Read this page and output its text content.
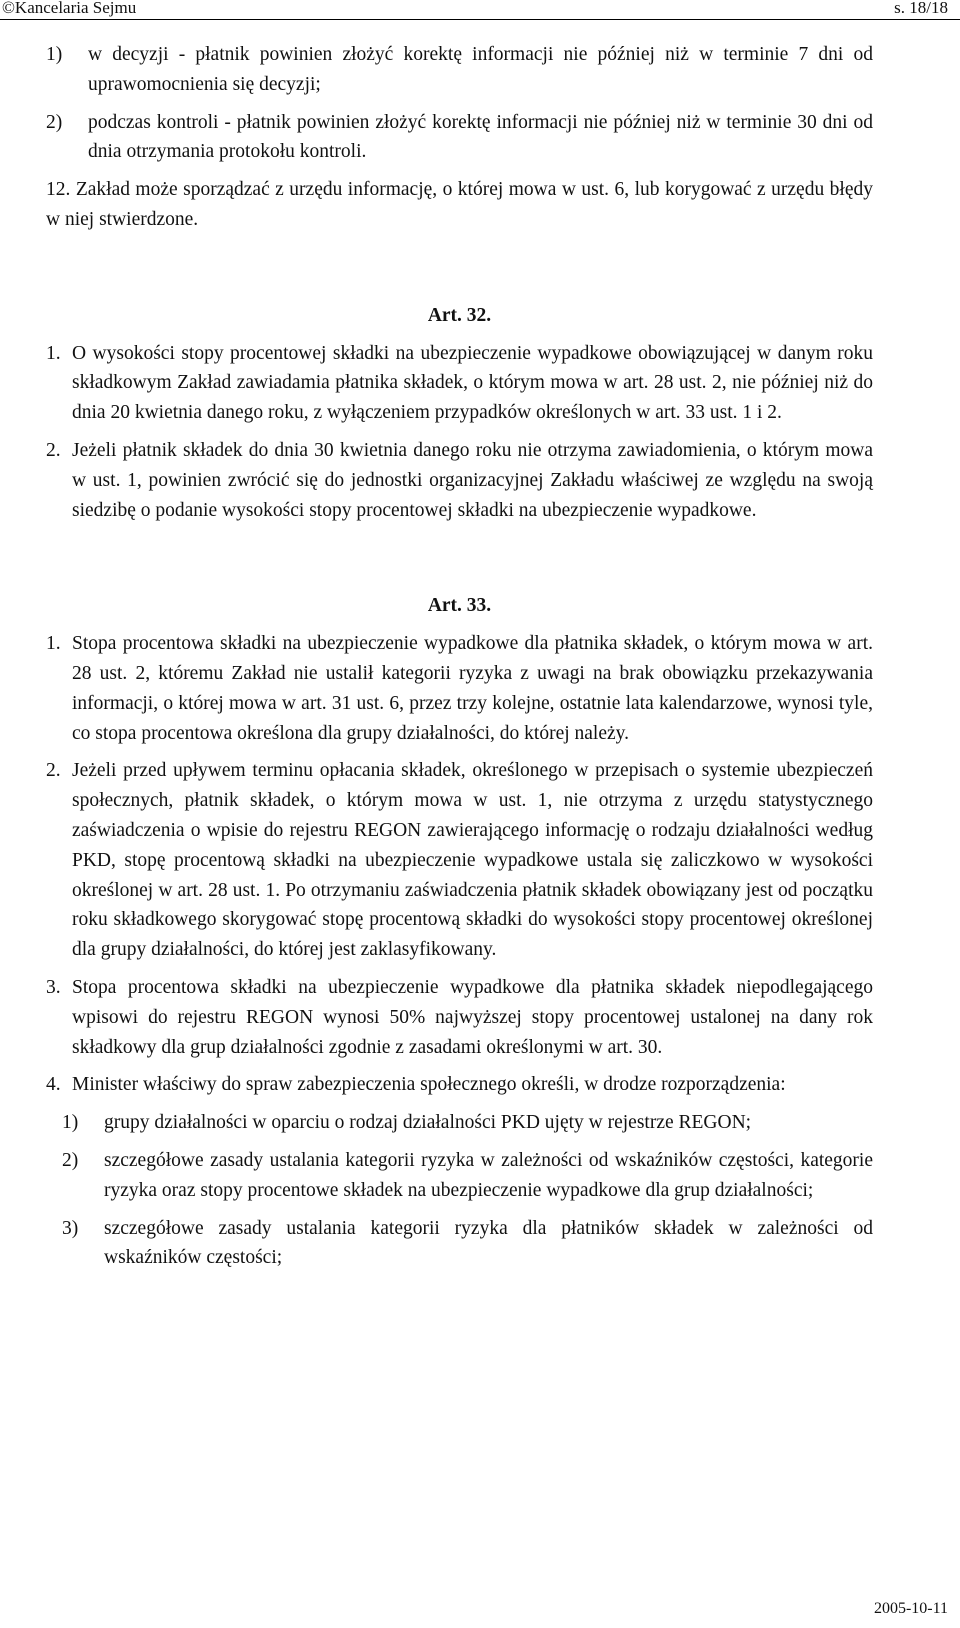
©Kancelaria Sejmu	s. 18/18
1)	w decyzji - płatnik powinien złożyć korektę informacji nie później niż w terminie 7 dni od uprawomocnienia się decyzji;
2)	podczas kontroli - płatnik powinien złożyć korektę informacji nie później niż w terminie 30 dni od dnia otrzymania protokołu kontroli.

12. Zakład może sporządzać z urzędu informację, o której mowa w ust. 6, lub korygować z urzędu błędy w niej stwierdzone.

Art. 32.
1. O wysokości stopy procentowej składki na ubezpieczenie wypadkowe obowiązującej w danym roku składkowym Zakład zawiadamia płatnika składek, o którym mowa w art. 28 ust. 2, nie później niż do dnia 20 kwietnia danego roku, z wyłączeniem przypadków określonych w art. 33 ust. 1 i 2.
2. Jeżeli płatnik składek do dnia 30 kwietnia danego roku nie otrzyma zawiadomienia, o którym mowa w ust. 1, powinien zwrócić się do jednostki organizacyjnej Zakładu właściwej ze względu na swoją siedzibę o podanie wysokości stopy procentowej składki na ubezpieczenie wypadkowe.
Art. 33.
1. Stopa procentowa składki na ubezpieczenie wypadkowe dla płatnika składek, o którym mowa w art. 28 ust. 2, któremu Zakład nie ustalił kategorii ryzyka z uwagi na brak obowiązku przekazywania informacji, o której mowa w art. 31 ust. 6, przez trzy kolejne, ostatnie lata kalendarzowe, wynosi tyle, co stopa procentowa określona dla grupy działalności, do której należy.
2. Jeżeli przed upływem terminu opłacania składek, określonego w przepisach o systemie ubezpieczeń społecznych, płatnik składek, o którym mowa w ust. 1, nie otrzyma z urzędu statystycznego zaświadczenia o wpisie do rejestru REGON zawierającego informację o rodzaju działalności według PKD, stopę procentową składki na ubezpieczenie wypadkowe ustala się zaliczkowo w wysokości określonej w art. 28 ust. 1. Po otrzymaniu zaświadczenia płatnik składek obowiązany jest od początku roku składkowego skorygować stopę procentową składki do wysokości stopy procentowej określonej dla grupy działalności, do której jest zaklasyfikowany.
3. Stopa procentowa składki na ubezpieczenie wypadkowe dla płatnika składek niepodlegającego wpisowi do rejestru REGON wynosi 50% najwyższej stopy procentowej ustalonej na dany rok składkowy dla grup działalności zgodnie z zasadami określonymi w art. 30.
4. Minister właściwy do spraw zabezpieczenia społecznego określi, w drodze rozporządzenia:
1)	grupy działalności w oparciu o rodzaj działalności PKD ujęty w rejestrze REGON;
2)	szczegółowe zasady ustalania kategorii ryzyka w zależności od wskaźników częstości, kategorie ryzyka oraz stopy procentowe składek na ubezpieczenie wypadkowe dla grup działalności;
3)	szczegółowe zasady ustalania kategorii ryzyka dla płatników składek w zależności od wskaźników częstości;
2005-10-11
